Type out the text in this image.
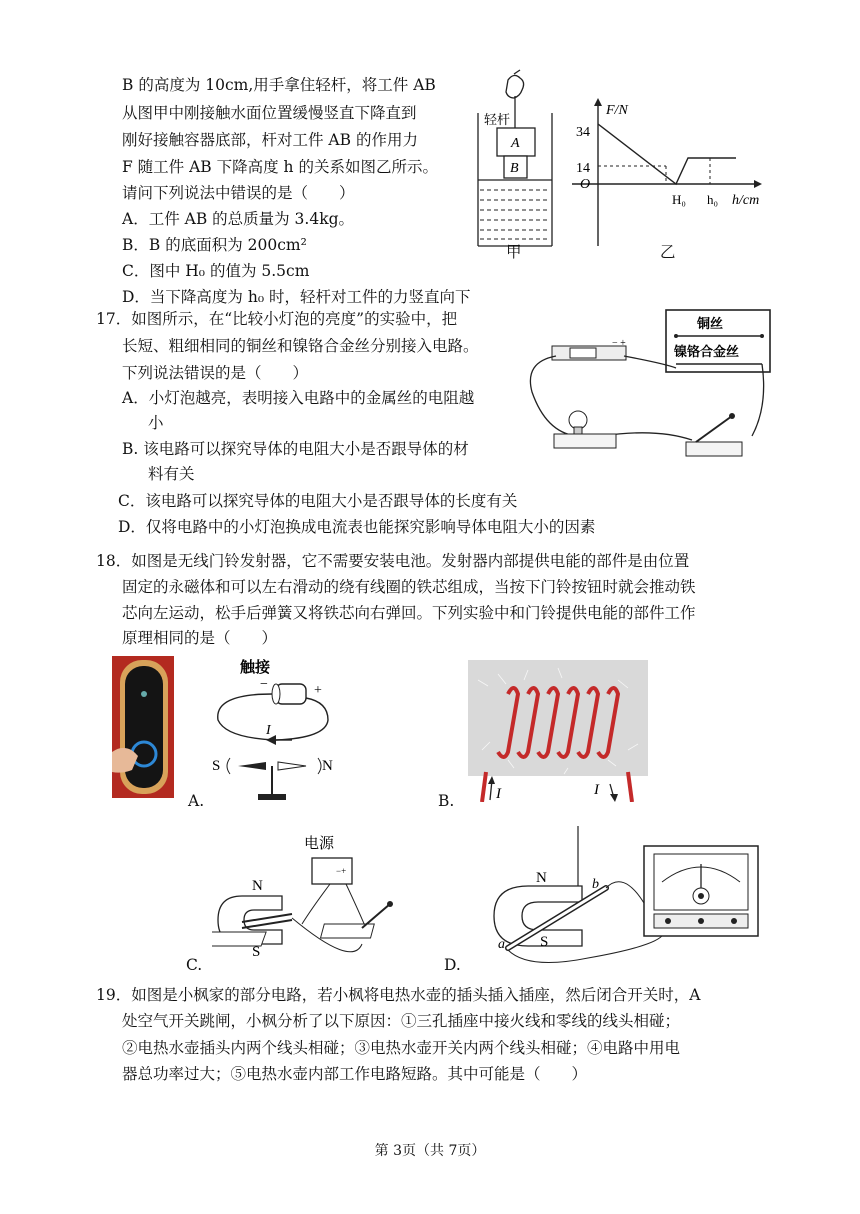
B 的高度为 10cm,用手拿住轻杆，将工件 AB
从图甲中刚接触水面位置缓慢竖直下降直到
刚好接触容器底部，杆对工件 AB 的作用力
F 随工件 AB 下降高度 h 的关系如图乙所示。
请问下列说法中错误的是（　　）
A．工件 AB 的总质量为 3.4kg。
B．B 的底面积为 200cm²
C．图中 H₀ 的值为 5.5cm
D．当下降高度为 h₀ 时，轻杆对工件的力竖直向下
轻杆
A
B
甲
F/N
h/cm
O
34
14
H₀ h₀
乙
17．如图所示，在“比较小灯泡的亮度”的实验中，把
长短、粗细相同的铜丝和镍铬合金丝分别接入电路。
下列说法错误的是（　　）
A．小灯泡越亮，表明接入电路中的金属丝的电阻越
小
B. 该电路可以探究导体的电阻大小是否跟导体的材
料有关
C．该电路可以探究导体的电阻大小是否跟导体的长度有关
D．仅将电路中的小灯泡换成电流表也能探究影响导体电阻大小的因素
铜丝
镍铬合金丝
− +
18．如图是无线门铃发射器，它不需要安装电池。发射器内部提供电能的部件是由位置
固定的永磁体和可以左右滑动的绕有线圈的铁芯组成，当按下门铃按钮时就会推动铁
芯向左运动，松手后弹簧又将铁芯向右弹回。下列实验中和门铃提供电能的部件工作
原理相同的是（　　）
触接
−	+
I
S	N
A.	I	I
B.
电源
−+
N
S
C.
N
S
a
b
D.
19．如图是小枫家的部分电路，若小枫将电热水壶的插头插入插座，然后闭合开关时，A
处空气开关跳闸，小枫分析了以下原因：①三孔插座中接火线和零线的线头相碰；
②电热水壶插头内两个线头相碰；③电热水壶开关内两个线头相碰；④电路中用电
器总功率过大；⑤电热水壶内部工作电路短路。其中可能是（　　）
第 3页（共 7页）
